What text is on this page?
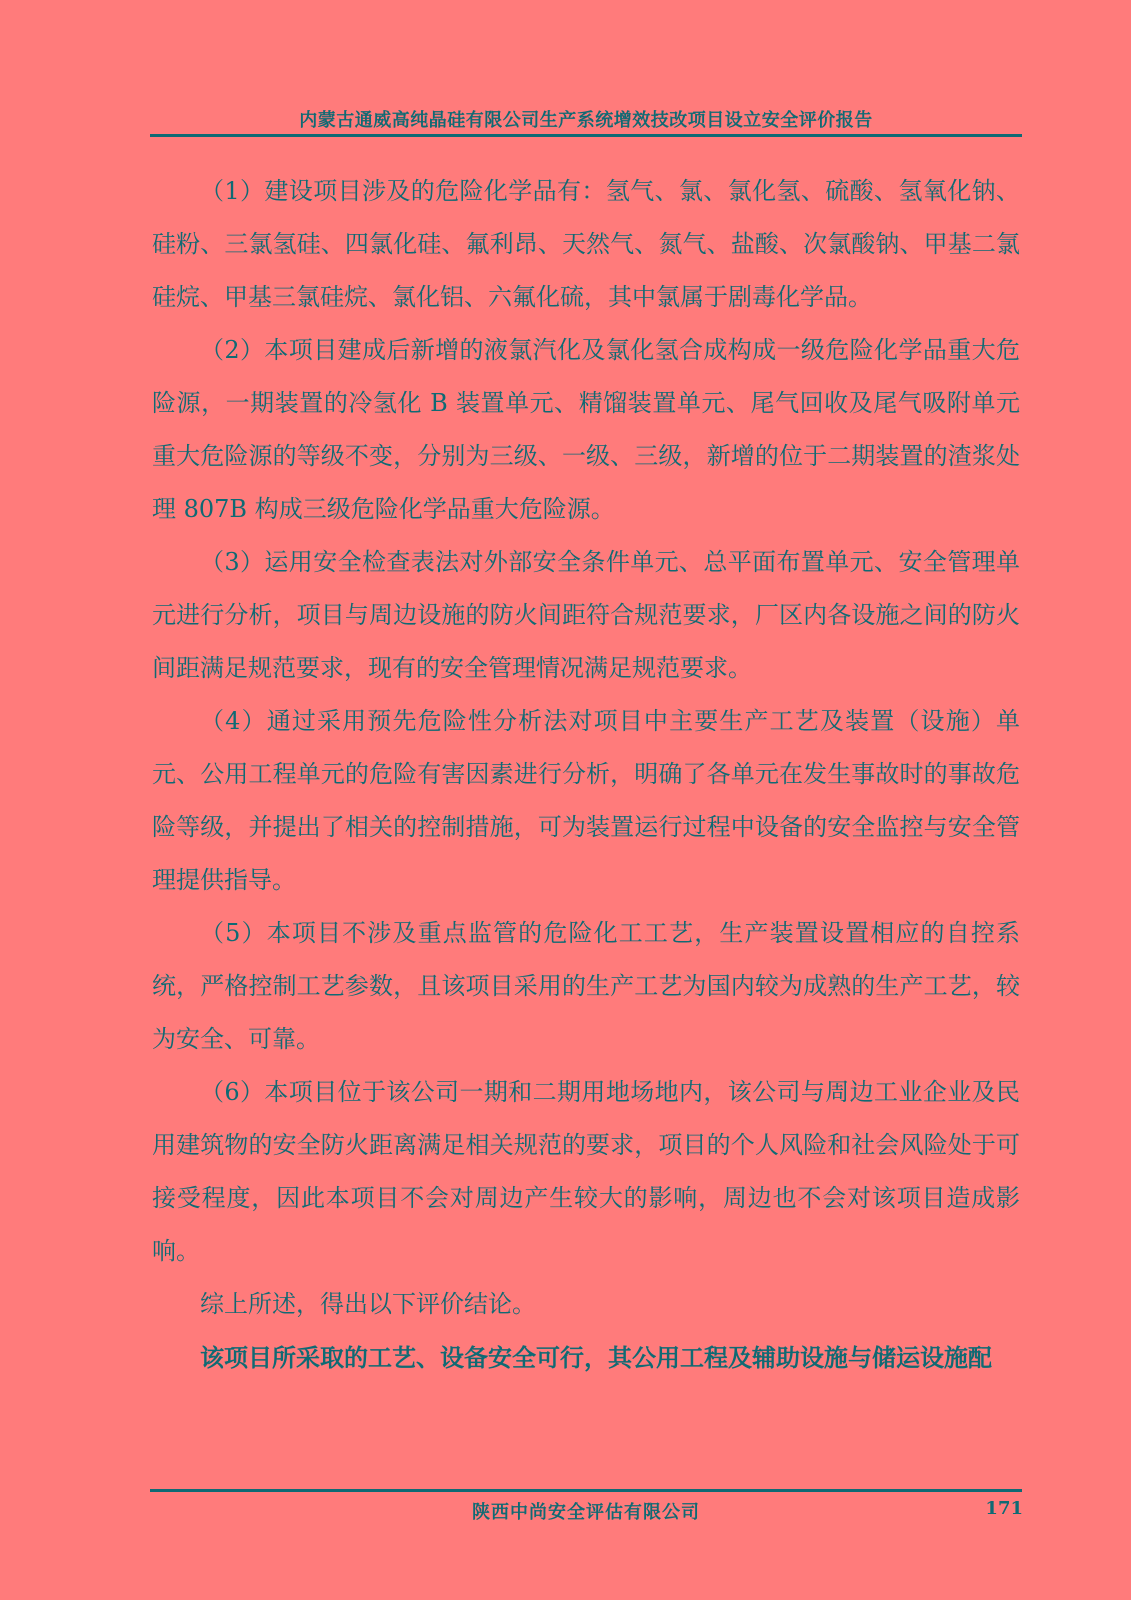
内蒙古通威高纯晶硅有限公司生产系统增效技改项目设立安全评价报告

（1）建设项目涉及的危险化学品有：氢气、氯、氯化氢、硫酸、氢氧化钠、硅粉、三氯氢硅、四氯化硅、氟利昂、天然气、氮气、盐酸、次氯酸钠、甲基二氯硅烷、甲基三氯硅烷、氯化铝、六氟化硫，其中氯属于剧毒化学品。

（2）本项目建成后新增的液氯汽化及氯化氢合成构成一级危险化学品重大危险源，一期装置的冷氢化 B 装置单元、精馏装置单元、尾气回收及尾气吸附单元重大危险源的等级不变，分别为三级、一级、三级，新增的位于二期装置的渣浆处理 807B 构成三级危险化学品重大危险源。

（3）运用安全检查表法对外部安全条件单元、总平面布置单元、安全管理单元进行分析，项目与周边设施的防火间距符合规范要求，厂区内各设施之间的防火间距满足规范要求，现有的安全管理情况满足规范要求。

（4）通过采用预先危险性分析法对项目中主要生产工艺及装置（设施）单元、公用工程单元的危险有害因素进行分析，明确了各单元在发生事故时的事故危险等级，并提出了相关的控制措施，可为装置运行过程中设备的安全监控与安全管理提供指导。

（5）本项目不涉及重点监管的危险化工工艺，生产装置设置相应的自控系统，严格控制工艺参数，且该项目采用的生产工艺为国内较为成熟的生产工艺，较为安全、可靠。

（6）本项目位于该公司一期和二期用地场地内，该公司与周边工业企业及民用建筑物的安全防火距离满足相关规范的要求，项目的个人风险和社会风险处于可接受程度，因此本项目不会对周边产生较大的影响，周边也不会对该项目造成影响。

综上所述，得出以下评价结论。

该项目所采取的工艺、设备安全可行，其公用工程及辅助设施与储运设施配

陕西中尚安全评估有限公司	171
